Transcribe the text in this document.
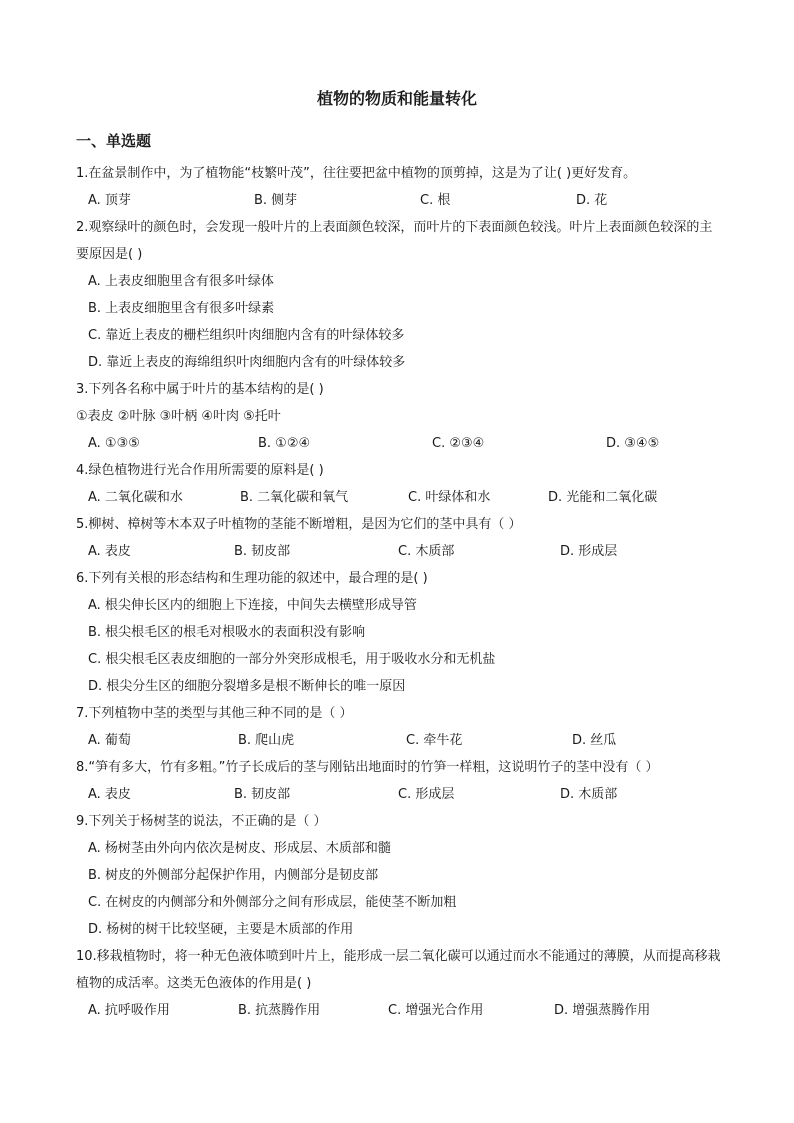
植物的物质和能量转化
一、单选题
1.在盆景制作中，为了植物能“枝繁叶茂”，往往要把盆中植物的顶剪掉，这是为了让( )更好发育。
A. 顶芽	B. 侧芽	C. 根	D. 花
2.观察绿叶的颜色时，会发现一般叶片的上表面颜色较深，而叶片的下表面颜色较浅。叶片上表面颜色较深的主要原因是( )
A. 上表皮细胞里含有很多叶绿体
B. 上表皮细胞里含有很多叶绿素
C. 靠近上表皮的栅栏组织叶肉细胞内含有的叶绿体较多
D. 靠近上表皮的海绵组织叶肉细胞内含有的叶绿体较多
3.下列各名称中属于叶片的基本结构的是( )
①表皮 ②叶脉 ③叶柄 ④叶肉 ⑤托叶
A. ①③⑤	B. ①②④	C. ②③④	D. ③④⑤
4.绿色植物进行光合作用所需要的原料是( )
A. 二氧化碳和水	B. 二氧化碳和氧气	C. 叶绿体和水	D. 光能和二氧化碳
5.柳树、樟树等木本双子叶植物的茎能不断增粗，是因为它们的茎中具有（ ）
A. 表皮	B. 韧皮部	C. 木质部	D. 形成层
6.下列有关根的形态结构和生理功能的叙述中，最合理的是( )
A. 根尖伸长区内的细胞上下连接，中间失去横壁形成导管
B. 根尖根毛区的根毛对根吸水的表面积没有影响
C. 根尖根毛区表皮细胞的一部分外突形成根毛，用于吸收水分和无机盐
D. 根尖分生区的细胞分裂增多是根不断伸长的唯一原因
7.下列植物中茎的类型与其他三种不同的是（ ）
A. 葡萄	B. 爬山虎	C. 牵牛花	D. 丝瓜
8.“笋有多大，竹有多粗。”竹子长成后的茎与刚钻出地面时的竹笋一样粗，这说明竹子的茎中没有（ ）
A. 表皮	B. 韧皮部	C. 形成层	D. 木质部
9.下列关于杨树茎的说法，不正确的是（ ）
A. 杨树茎由外向内依次是树皮、形成层、木质部和髓
B. 树皮的外侧部分起保护作用，内侧部分是韧皮部
C. 在树皮的内侧部分和外侧部分之间有形成层，能使茎不断加粗
D. 杨树的树干比较坚硬，主要是木质部的作用
10.移栽植物时，将一种无色液体喷到叶片上，能形成一层二氧化碳可以通过而水不能通过的薄膜，从而提高移栽植物的成活率。这类无色液体的作用是( )
A. 抗呼吸作用	B. 抗蒸腾作用	C. 增强光合作用	D. 增强蒸腾作用
